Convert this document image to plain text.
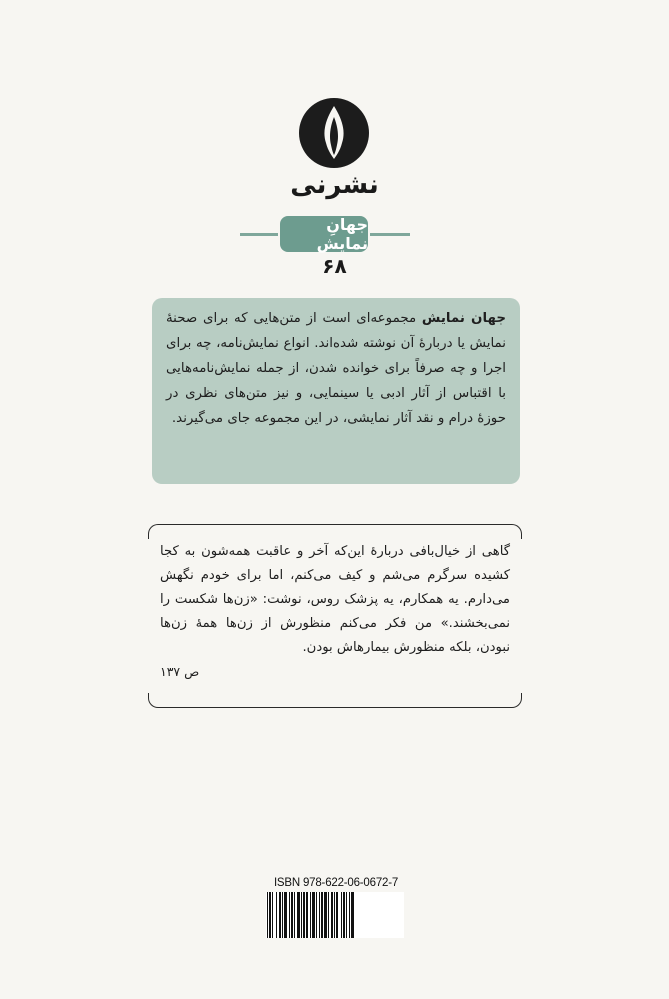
نشرنی
جهانِ نمایش
۶۸
جهان نمایش مجموعه‌ای است از متن‌هایی که برای صحنهٔ نمایش یا دربارهٔ آن نوشته شده‌اند. انواع نمایش‌نامه، چه برای اجرا و چه صرفاً برای خوانده شدن، از جمله نمایش‌نامه‌هایی با اقتباس از آثار ادبی یا سینمایی، و نیز متن‌های نظری در حوزهٔ درام و نقد آثار نمایشی، در این مجموعه جای می‌گیرند.
گاهی از خیال‌بافی دربارهٔ این‌که آخر و عاقبت همه‌شون به کجا کشیده سرگرم می‌شم و کیف می‌کنم، اما برای خودم نگهش می‌دارم. یه همکارم، یه پزشک روس، نوشت: «زن‌ها شکست را نمی‌بخشند.» من فکر می‌کنم منظورش از زن‌ها همهٔ زن‌ها نبودن، بلکه منظورش بیمارهاش بودن.
ص ۱۳۷
ISBN 978-622-06-0672-7
